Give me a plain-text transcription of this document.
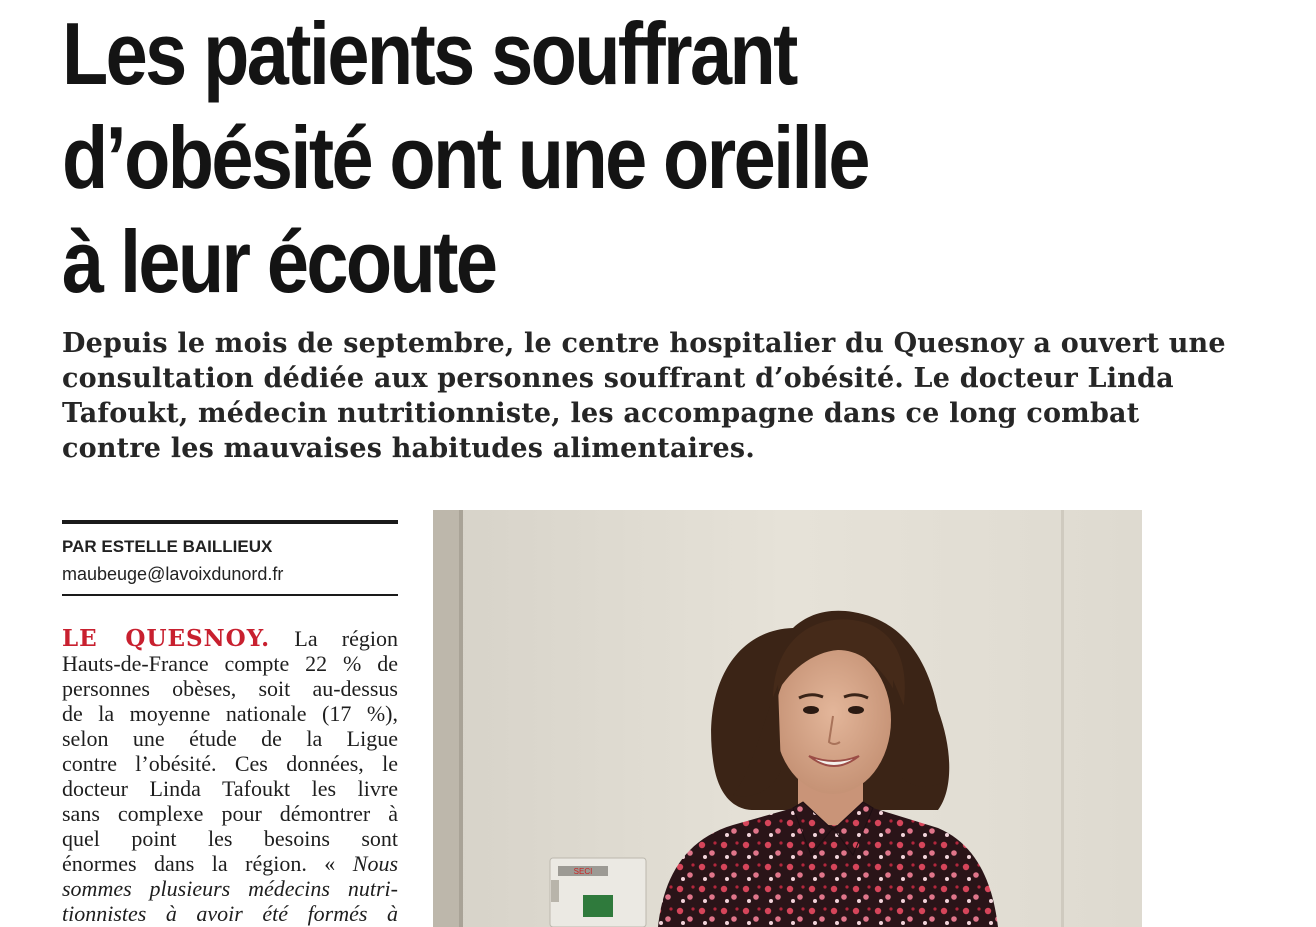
Les patients souffrant
d’obésité ont une oreille
à leur écoute

Depuis le mois de septembre, le centre hospitalier du Quesnoy a ouvert une
consultation dédiée aux personnes souffrant d’obésité. Le docteur Linda
Tafoukt, médecin nutritionniste, les accompagne dans ce long combat
contre les mauvaises habitudes alimentaires.

PAR ESTELLE BAILLIEUX
maubeuge@lavoixdunord.fr
LE QUESNOY. La région
Hauts-de-France compte 22 % de
personnes obèses, soit au-dessus
de la moyenne nationale (17 %),
selon une étude de la Ligue
contre l’obésité. Ces données, le
docteur Linda Tafoukt les livre
sans complexe pour démontrer à
quel point les besoins sont
énormes dans la région. « Nous
sommes plusieurs médecins nutri-
tionnistes à avoir été formés à
SECI
